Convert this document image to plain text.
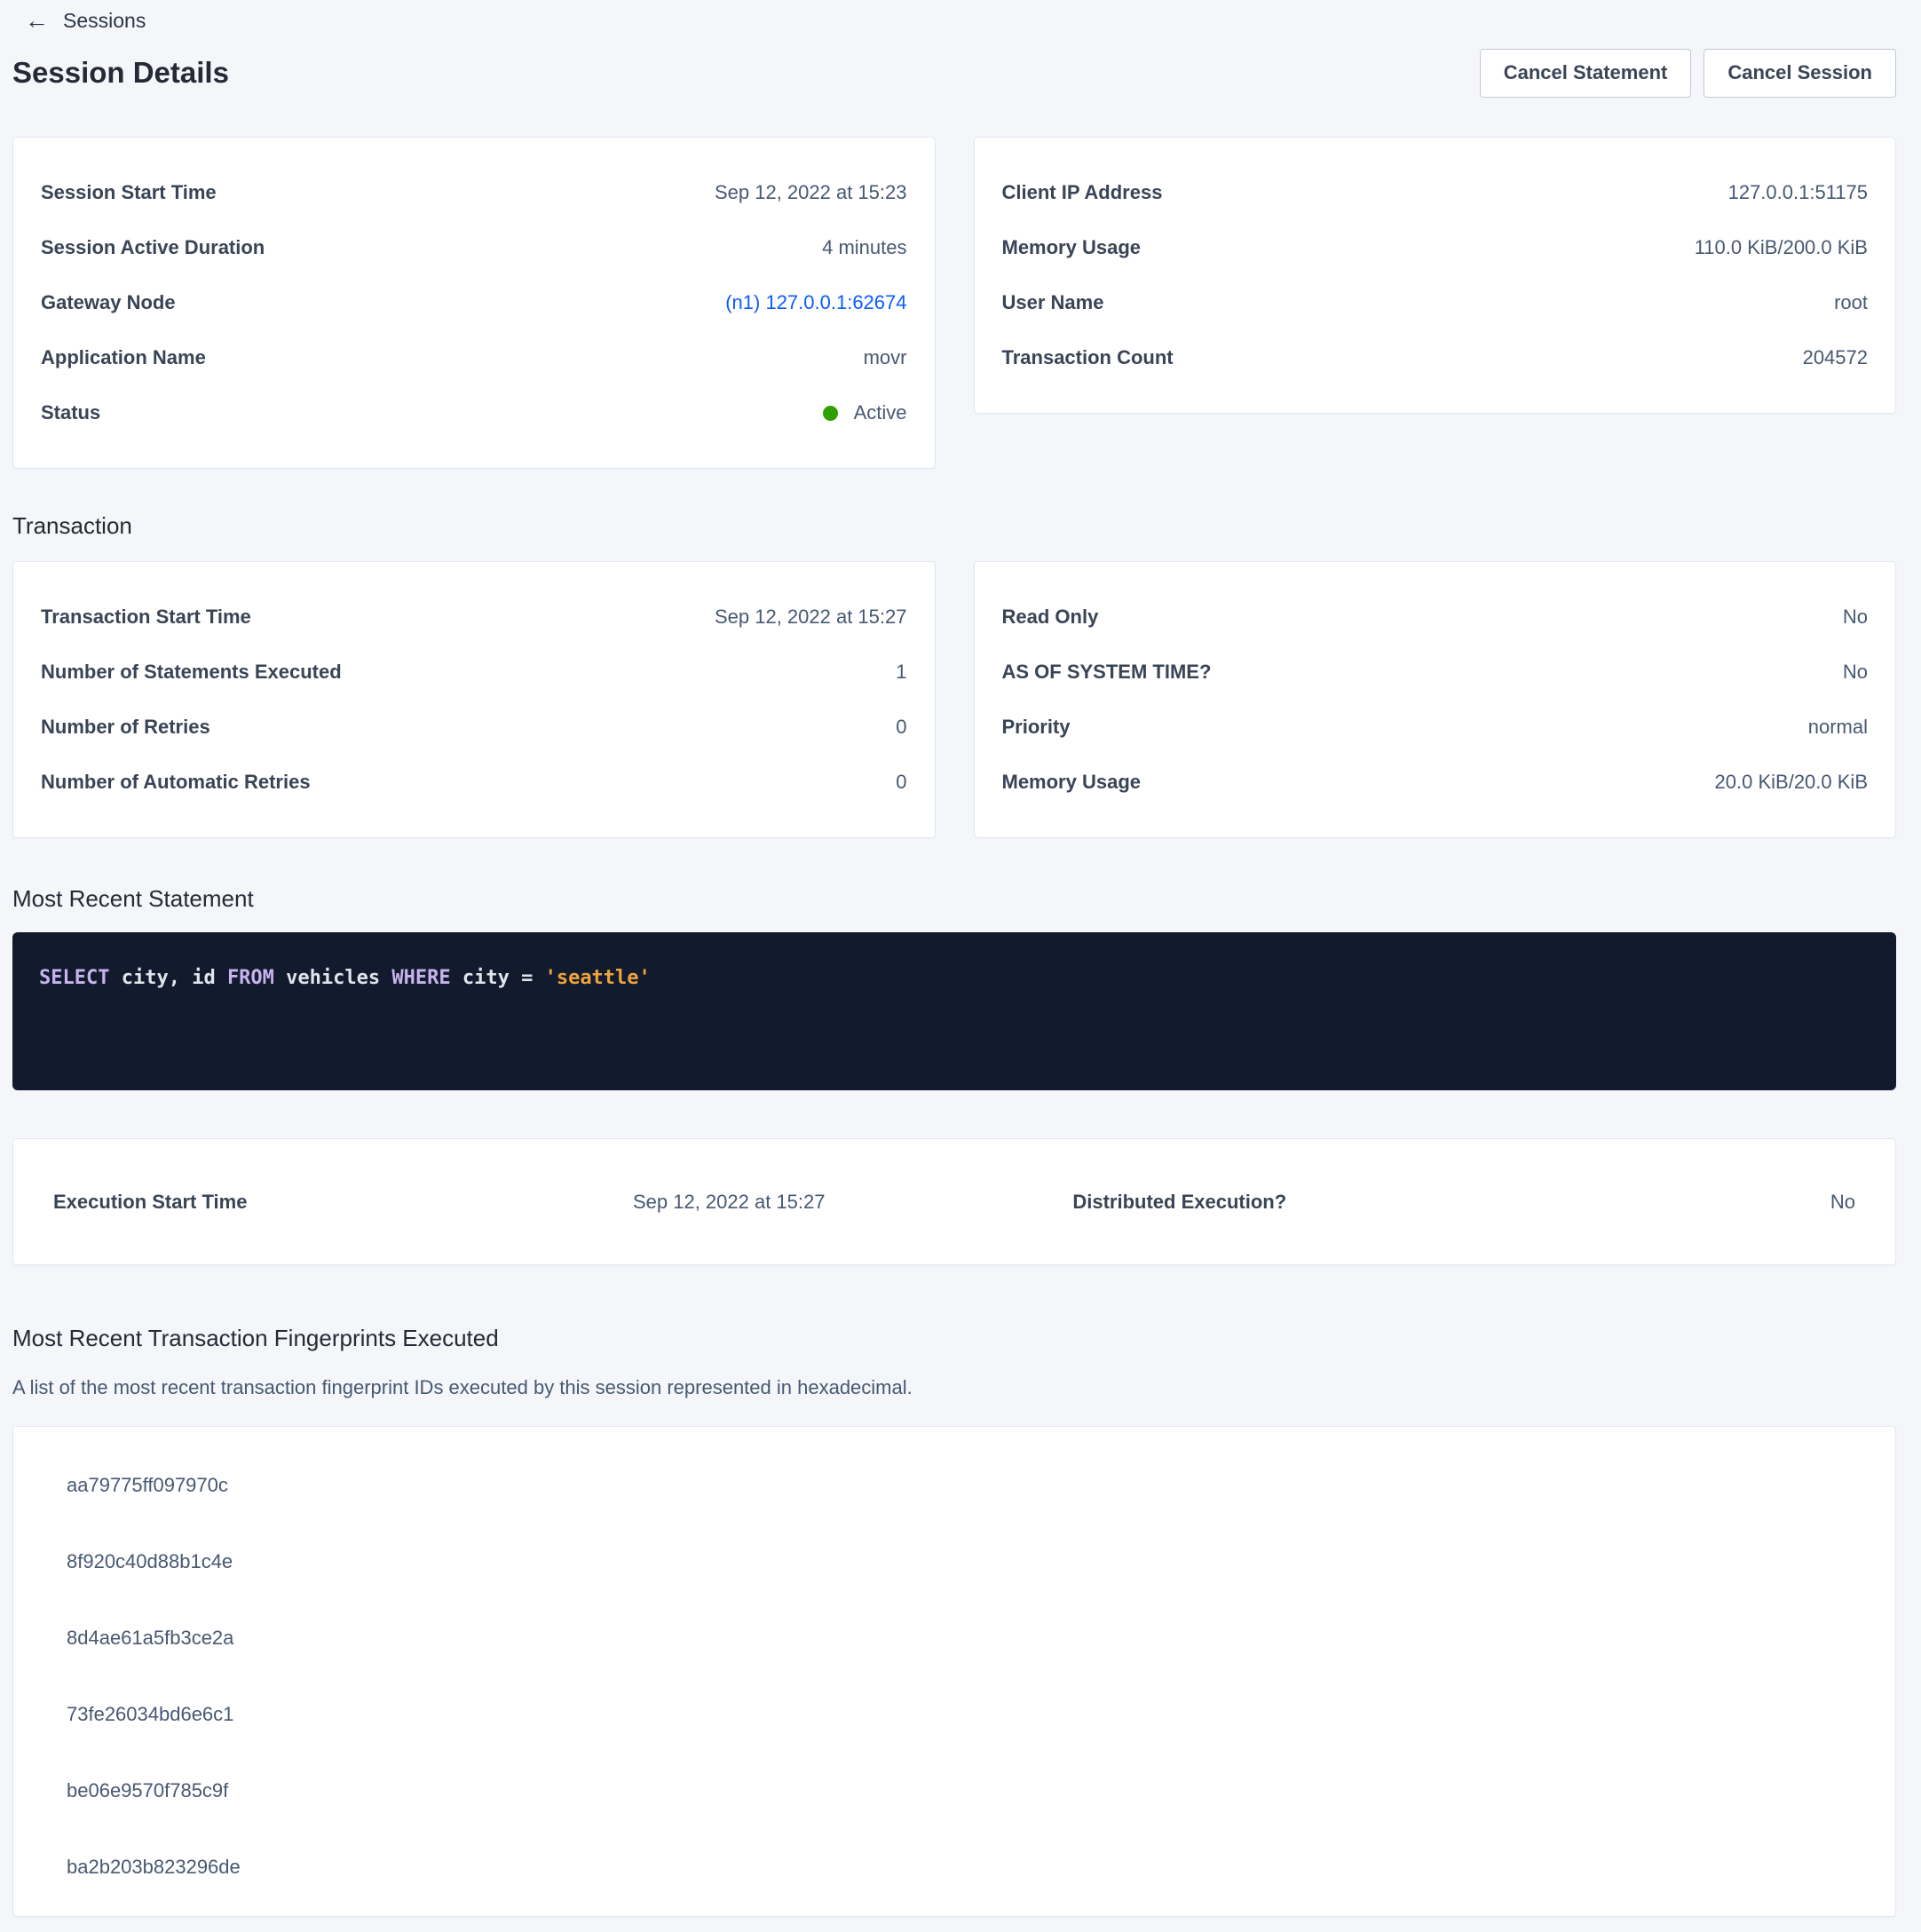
← Sessions
Session Details	Cancel Statement	Cancel Session
Session Start Time	Sep 12, 2022 at 15:23
Session Active Duration	4 minutes
Gateway Node	(n1) 127.0.0.1:62674
Application Name	movr
Status	Active
Client IP Address	127.0.0.1:51175
Memory Usage	110.0 KiB/200.0 KiB
User Name	root
Transaction Count	204572
Transaction
Transaction Start Time	Sep 12, 2022 at 15:27
Number of Statements Executed	1
Number of Retries	0
Number of Automatic Retries	0
Read Only	No
AS OF SYSTEM TIME?	No
Priority	normal
Memory Usage	20.0 KiB/20.0 KiB
Most Recent Statement
SELECT city, id FROM vehicles WHERE city = 'seattle'
Execution Start Time	Sep 12, 2022 at 15:27	Distributed Execution?	No
Most Recent Transaction Fingerprints Executed

A list of the most recent transaction fingerprint IDs executed by this session represented in hexadecimal.

aa79775ff097970c
8f920c40d88b1c4e
8d4ae61a5fb3ce2a
73fe26034bd6e6c1
be06e9570f785c9f
ba2b203b823296de
